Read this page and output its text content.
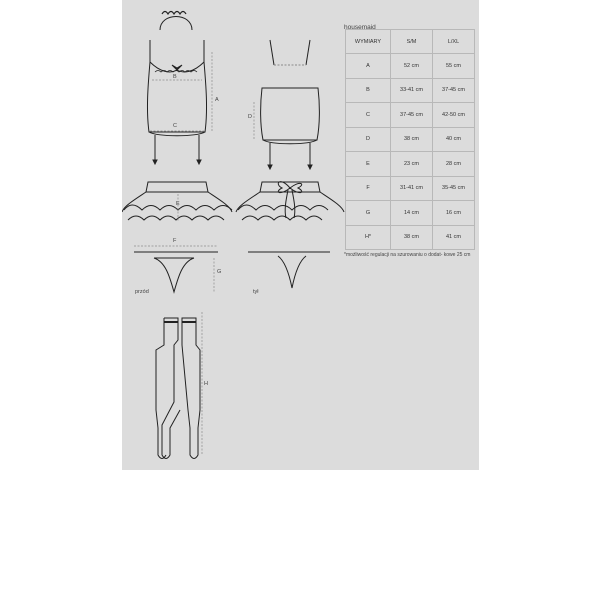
A
B
C
D
E
F
G
H
przód	tył
housemaid
WYMIARY	S/M	L/XL
A	52 cm	55 cm
B	33-41 cm	37-45 cm
C	37-45 cm	42-50 cm
D	38 cm	40 cm
E	23 cm	28 cm
F	31-41 cm	35-45 cm
G	14 cm	16 cm
H*	38 cm	41 cm
*możliwość regulacji na szurowaniu o dodat- kowe 25 cm
